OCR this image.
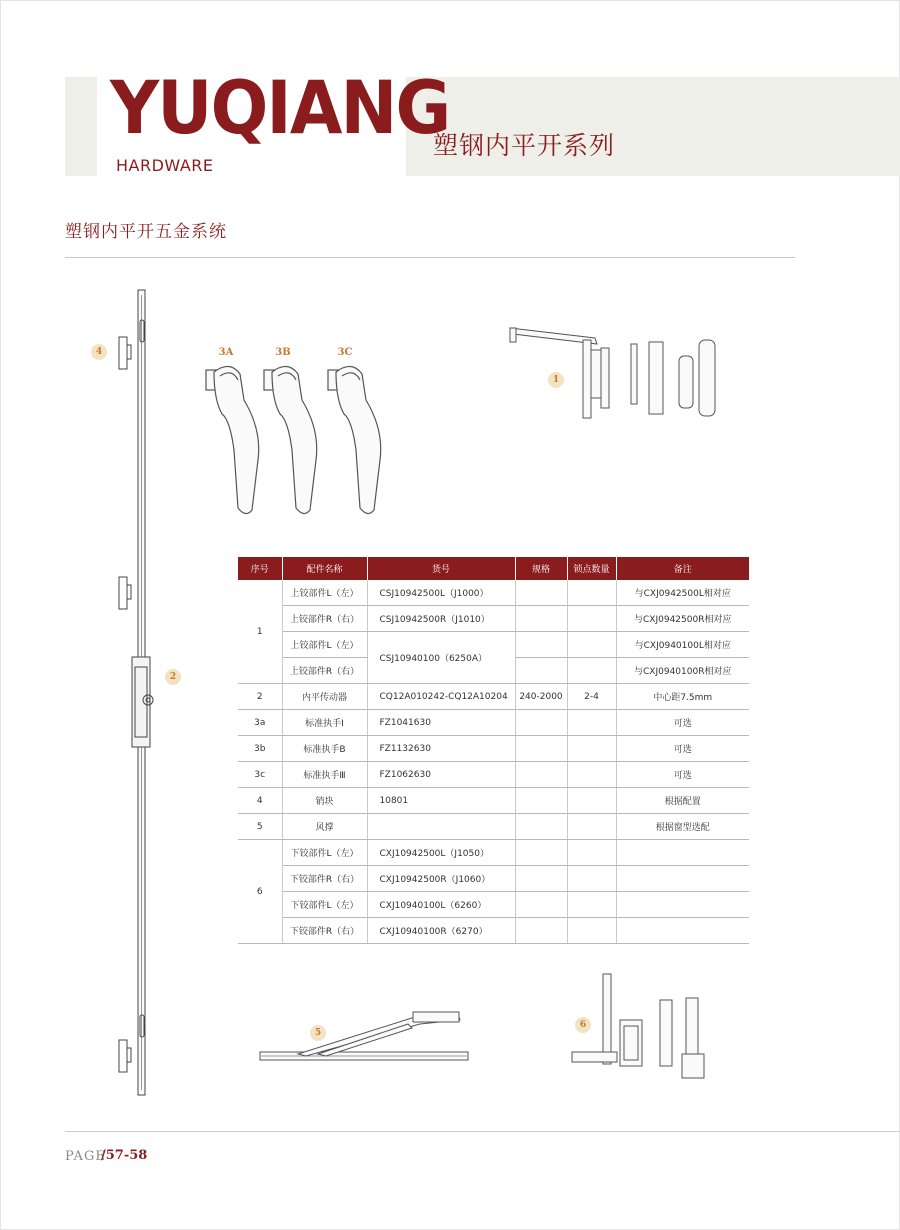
YUQIANG
HARDWARE
塑钢内平开系列
塑钢内平开五金系统
4
2
3A	3B	3C
1
序号	配件名称	货号	规格	锁点数量	备注
1	上铰部件L（左）	CSJ10942500L（J1000）			与CXJ0942500L相对应
	上铰部件R（右）	CSJ10942500R（J1010）			与CXJ0942500R相对应
	上铰部件L（左）	CSJ10940100（6250A）			与CXJ0940100L相对应
	上铰部件R（右）				与CXJ0940100R相对应
2	内平传动器	CQ12A010242-CQ12A10204	240-2000	2-4	中心距7.5mm
3a	标准执手Ⅰ	FZ1041630			可选
3b	标准执手B	FZ1132630			可选
3c	标准执手Ⅲ	FZ1062630			可选
4	销块	10801			根据配置
5	风撑				根据窗型选配
6	下铰部件L（左）	CXJ10942500L（J1050）			
	下铰部件R（右）	CXJ10942500R（J1060）			
	下铰部件L（左）	CXJ10940100L（6260）			
	下铰部件R（右）	CXJ10940100R（6270）			
5
6
PAGE
/57-58
